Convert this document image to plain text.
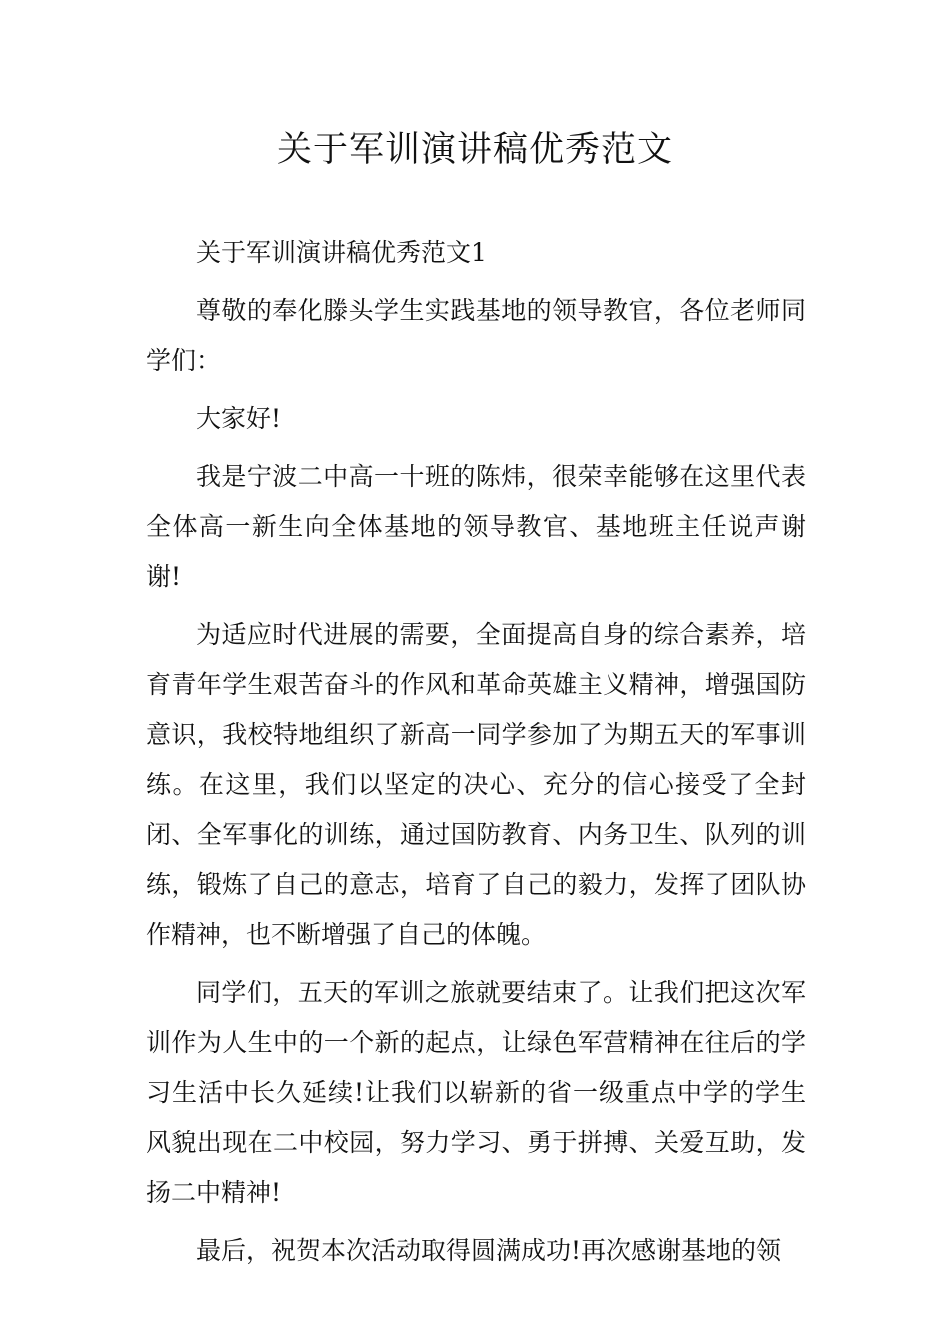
关于军训演讲稿优秀范文

关于军训演讲稿优秀范文1

尊敬的奉化滕头学生实践基地的领导教官，各位老师同学们：

大家好!

我是宁波二中高一十班的陈炜，很荣幸能够在这里代表全体高一新生向全体基地的领导教官、基地班主任说声谢谢!

为适应时代进展的需要，全面提高自身的综合素养，培育青年学生艰苦奋斗的作风和革命英雄主义精神，增强国防意识，我校特地组织了新高一同学参加了为期五天的军事训练。在这里，我们以坚定的决心、充分的信心接受了全封闭、全军事化的训练，通过国防教育、内务卫生、队列的训练，锻炼了自己的意志，培育了自己的毅力，发挥了团队协作精神，也不断增强了自己的体魄。

同学们，五天的军训之旅就要结束了。让我们把这次军训作为人生中的一个新的起点，让绿色军营精神在往后的学习生活中长久延续!让我们以崭新的省一级重点中学的学生风貌出现在二中校园，努力学习、勇于拼搏、关爱互助，发扬二中精神!

最后，祝贺本次活动取得圆满成功!再次感谢基地的领
